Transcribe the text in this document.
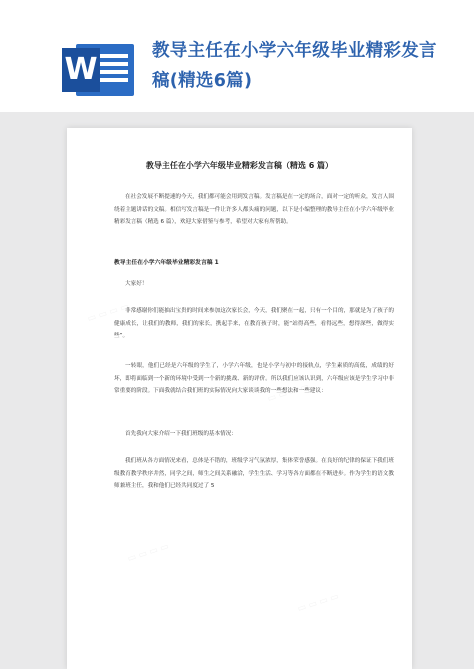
W
教导主任在小学六年级毕业精彩发言稿(精选6篇)
教导主任在小学六年级毕业精彩发言稿（精选 6 篇）
在社会发展不断提速的今天，我们都可能会用到发言稿。发言稿是在一定的场合，面对一定的听众，发言人围绕着主题讲话的文稿。相信写发言稿是一件让许多人都头痛的问题，以下是小编整理的教导主任在小学六年级毕业精彩发言稿（精选 6 篇），欢迎大家借鉴与参考，希望对大家有所帮助。
教导主任在小学六年级毕业精彩发言稿 1
大家好！
非常感谢你们能抽出宝贵的时间来参加这次家长会，今天，我们聚在一起，只有一个目的，那就是为了孩子的健康成长，让我们的教师，我们的家长，携起手来，在教育孩子时，能“站得高些，看得远些，想得深些，做得实些”。
一转眼，他们已经是六年级的学生了，小学六年级，也是小学与初中的接轨点，学生素质的高低，成绩的好坏，即将面临到一个新的环境中受到一个新的挑战、新的评价。所以我们应该认识到，六年级应该是学生学习中非常重要的阶段。下面我就结合我们班的实际情况向大家谈谈我的一些想法和一些建议：
首先我向大家介绍一下我们班级的基本情况：
我们班从各方面情况来看，总体是不错的，班级学习气氛浓厚，集体荣誉感强。在良好的纪律的保证下我们班级教育教学秩序井然，同学之间，师生之间关系融洽，学生生活、学习等各方面都在不断进步。作为学生的语文教师兼班主任，我和他们已经共同度过了 5
▭ ▭ ▭ ▭
▭ ▭ ▭ ▭
▭ ▭ ▭ ▭
▭ ▭ ▭ ▭
